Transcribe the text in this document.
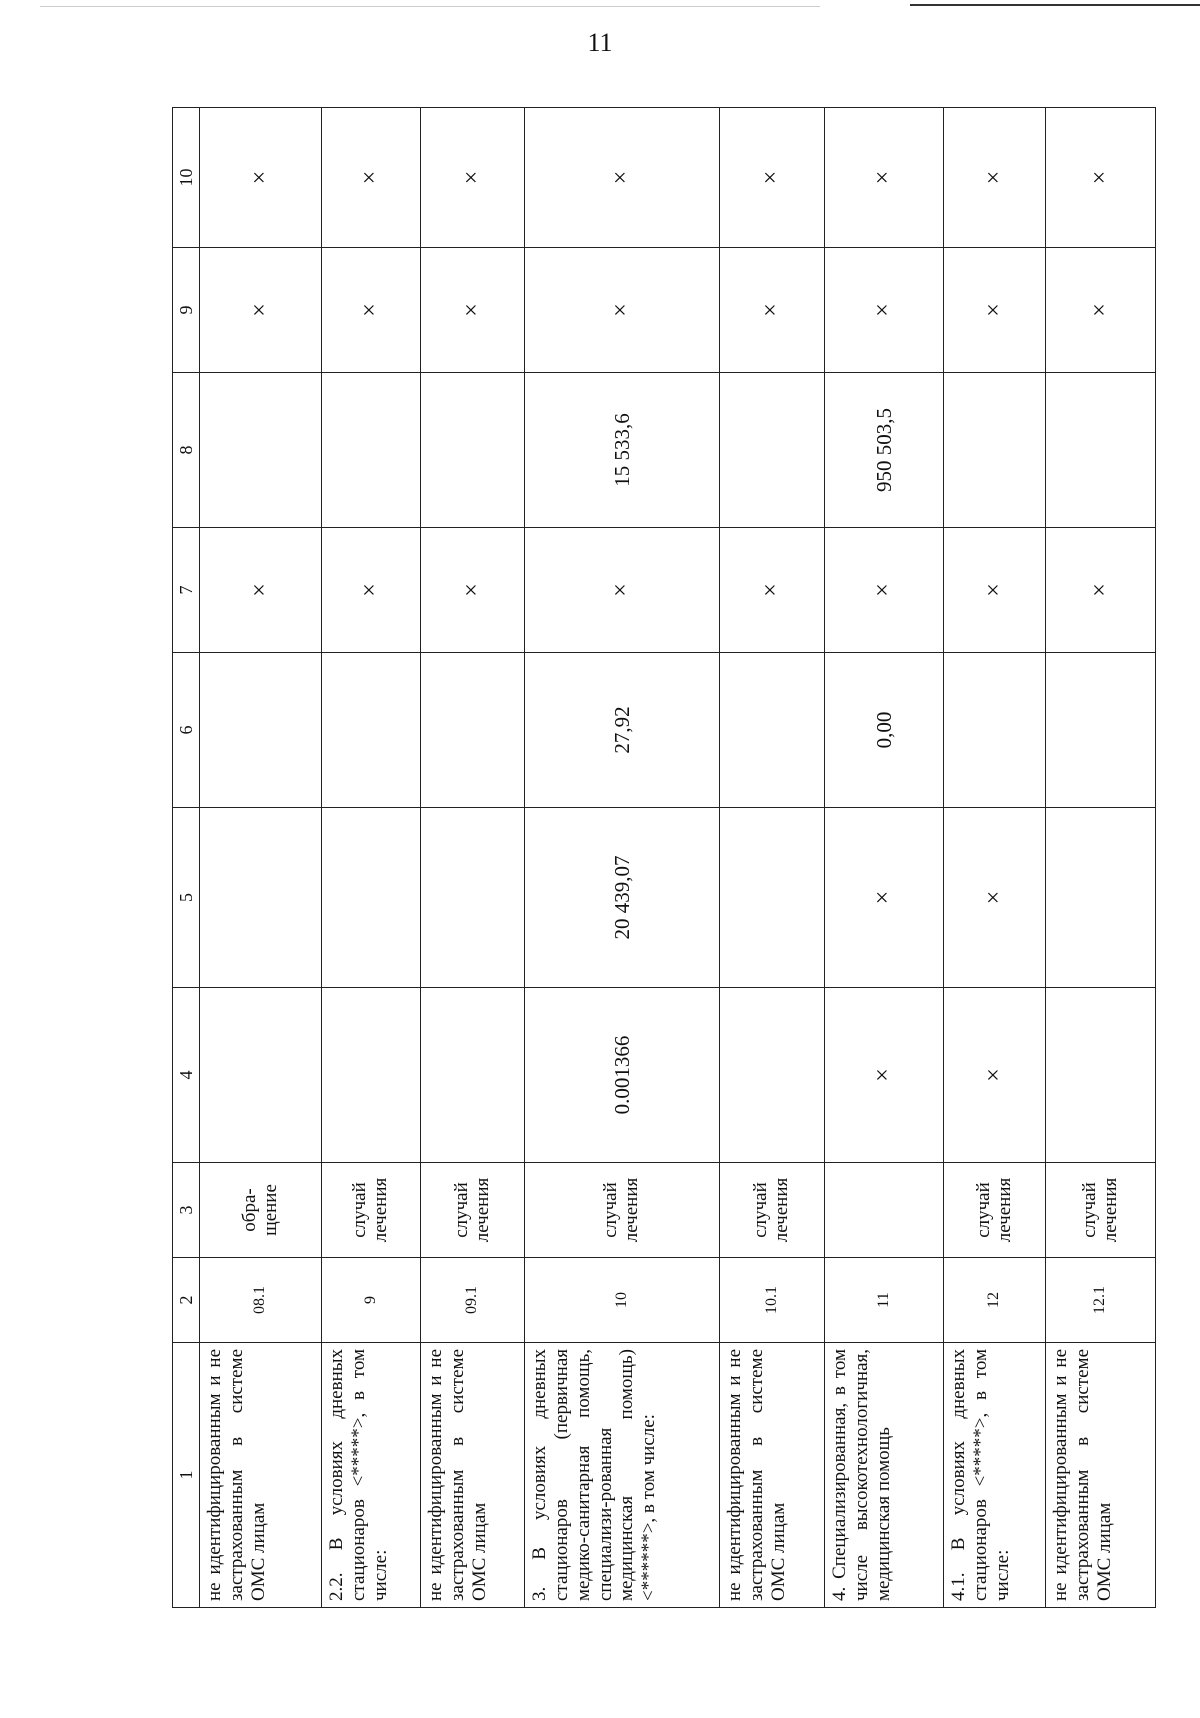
11
1	2	3	4	5	6	7	8	9	10
не идентифицированным и не застрахованным в системе ОМС лицам	08.1	обра-щение				×		×	×
2.2. В условиях дневных стационаров <*****>, в том числе:	9	случай лечения				×		×	×
не идентифицированным и не застрахованным в системе ОМС лицам	09.1	случай лечения				×		×	×
3. В условиях дневных стационаров (первичная медико-санитарная помощь, специализи-рованная медицинская помощь) <******>, в том числе:	10	случай лечения	0.001366	20 439,07	27,92	×	15 533,6	×	×
не идентифицированным и не застрахованным в системе ОМС лицам	10.1	случай лечения				×		×	×
4. Специализированная, в том числе высокотехнологичная, медицинская помощь	11		×	×	0,00	×	950 503,5	×	×
4.1. В условиях дневных стационаров <*****>, в том числе:	12	случай лечения	×	×		×		×	×
не идентифицированным и не застрахованным в системе ОМС лицам	12.1	случай лечения				×		×	×
